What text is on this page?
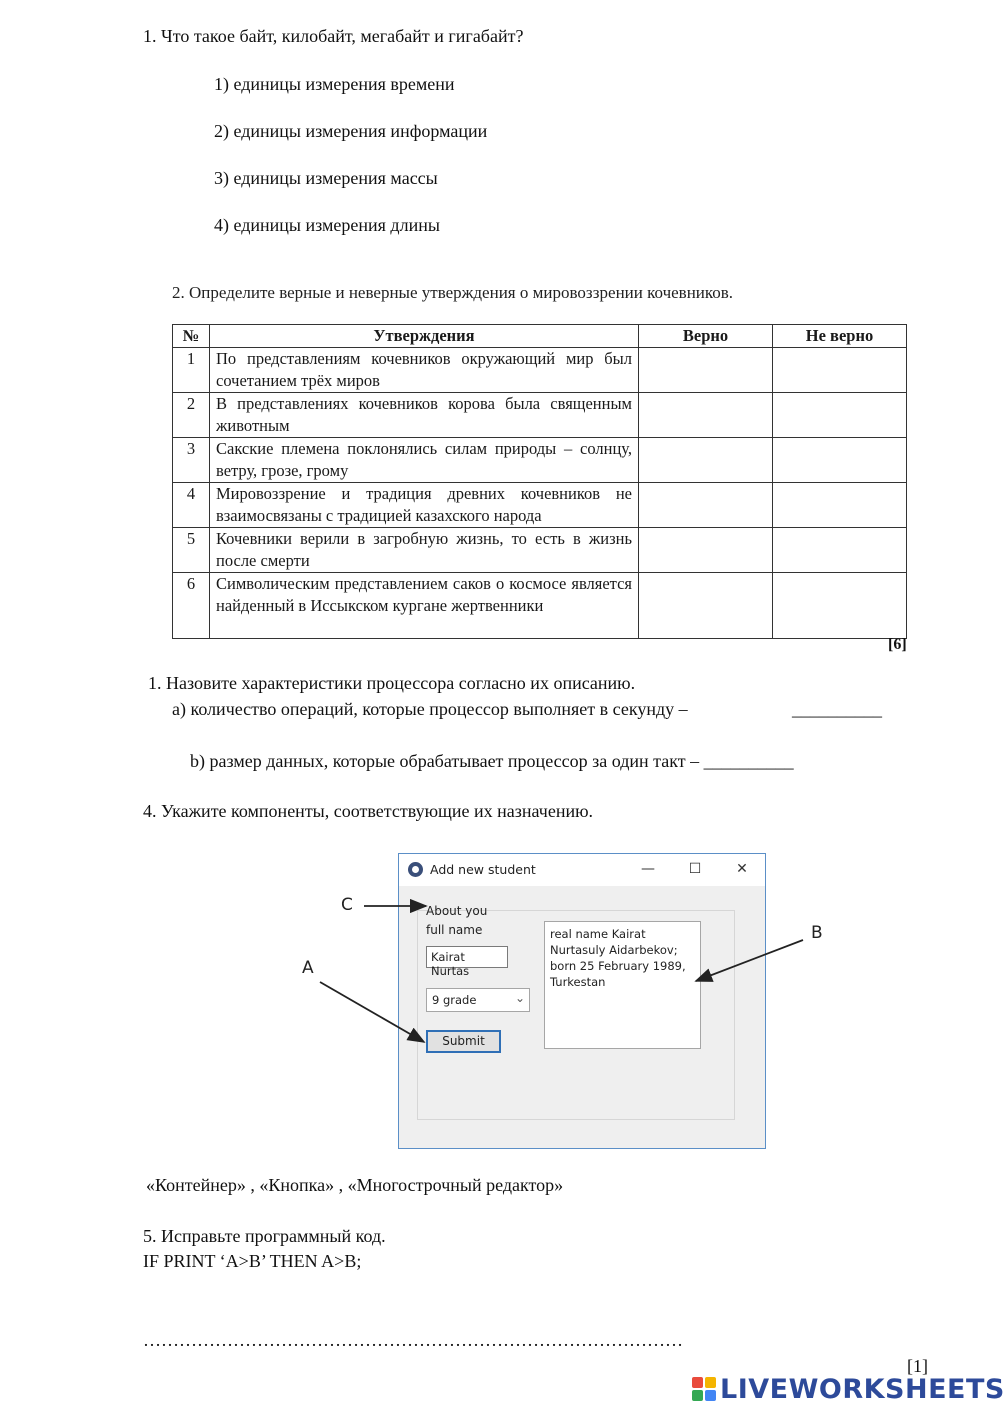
1. Что такое байт, килобайт, мегабайт и гигабайт?
1) единицы измерения времени
2) единицы измерения информации
3) единицы измерения массы
4) единицы измерения длины
2. Определите верные и неверные утверждения о мировоззрении кочевников.
№	Утверждения	Верно	Не верно
1	По представлениям кочевников окружающий мир был сочетанием трёх миров		
2	В представлениях кочевников корова была священным животным		
3	Сакские племена поклонялись силам природы – солнцу, ветру, грозе, грому		
4	Мировоззрение и традиция древних кочевников не взаимосвязаны с традицией казахского народа		
5	Кочевники верили в загробную жизнь, то есть в жизнь после смерти		
6	Символическим представлением саков о космосе является найденный в Иссыкском кургане жертвенники		
[6]
1. Назовите характеристики процессора согласно их описанию.
a) количество операций, которые процессор выполняет в секунду –	__________
b) размер данных, которые обрабатывает процессор за один такт – __________
4. Укажите компоненты, соответствующие их назначению.
Add new student	—	☐	✕
About you
full name
Kairat Nurtas
9 grade	⌄
Submit
real name Kairat
Nurtasuly Aidarbekov;
born 25 February 1989,
Turkestan
C
A
B
«Контейнер» , «Кнопка» , «Многострочный редактор»
5. Исправьте программный код.
IF PRINT ‘A>B’ THEN A>B;
………………………………………………………………………………
[1]
LIVEWORKSHEETS
